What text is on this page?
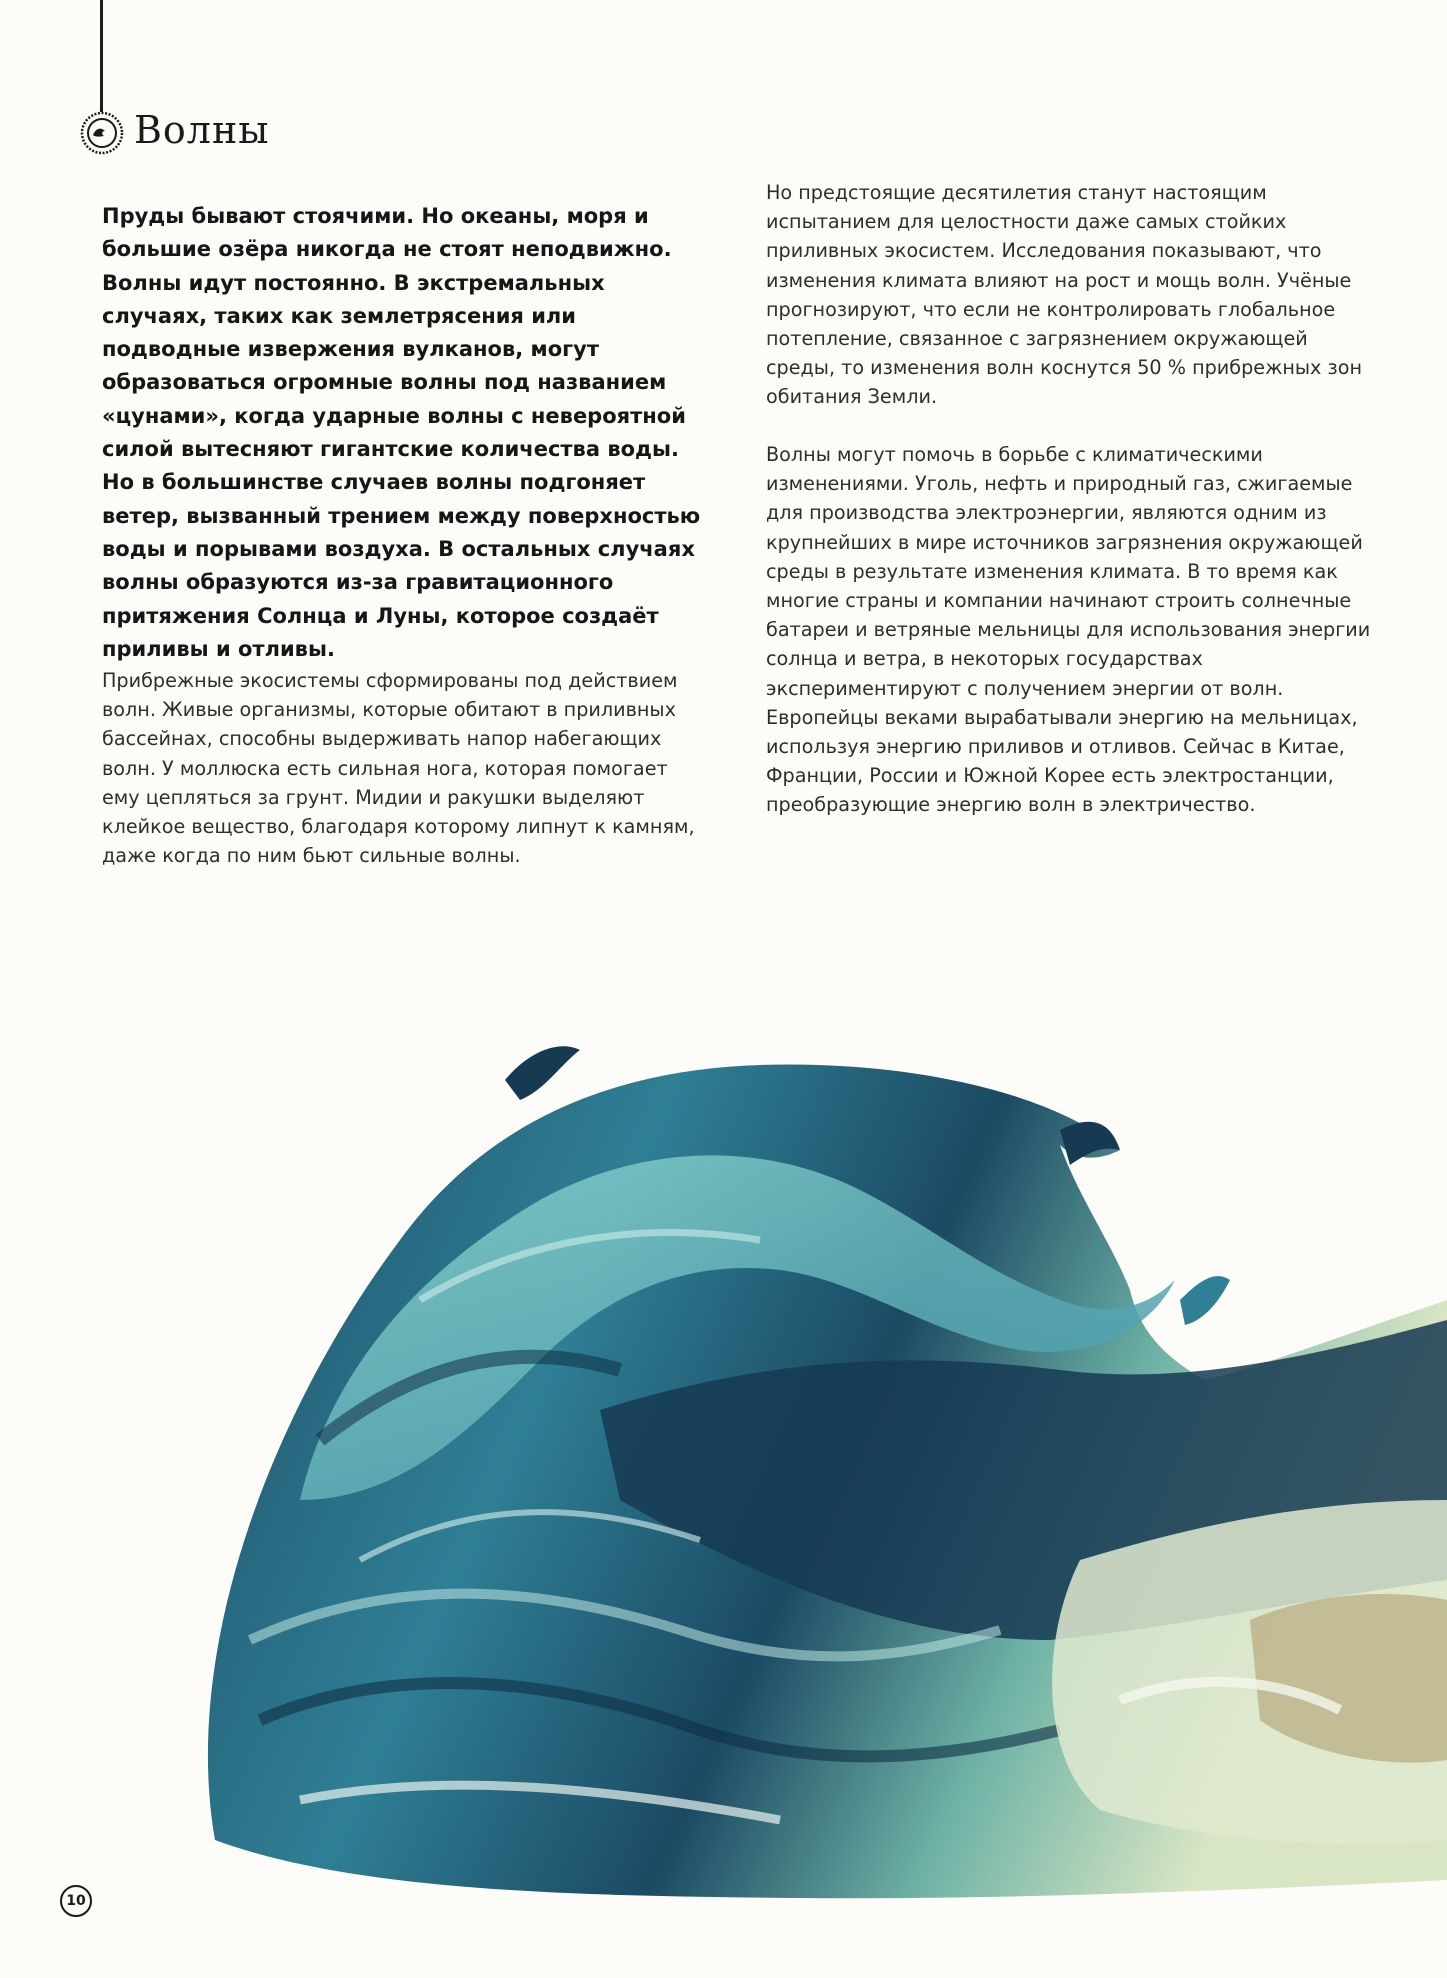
Волны

Пруды бывают стоячими. Но океаны, моря и большие озёра никогда не стоят неподвижно. Волны идут постоянно. В экстремальных случаях, таких как землетрясения или подводные извержения вулканов, могут образоваться огромные волны под названием «цунами», когда ударные волны с невероятной силой вытесняют гигантские количества воды. Но в большинстве случаев волны подгоняет ветер, вызванный трением между поверхностью воды и порывами воздуха. В остальных случаях волны образуются из-за гравитационного притяжения Солнца и Луны, которое создаёт приливы и отливы.

Прибрежные экосистемы сформированы под действием волн. Живые организмы, которые обитают в приливных бассейнах, способны выдерживать напор набегающих волн. У моллюска есть сильная нога, которая помогает ему цепляться за грунт. Мидии и ракушки выделяют клейкое вещество, благодаря которому липнут к камням, даже когда по ним бьют сильные волны.

Но предстоящие десятилетия станут настоящим испытанием для целостности даже самых стойких приливных экосистем. Исследования показывают, что изменения климата влияют на рост и мощь волн. Учёные прогнозируют, что если не контролировать глобальное потепление, связанное с загрязнением окружающей среды, то изменения волн коснутся 50 % прибрежных зон обитания Земли.

Волны могут помочь в борьбе с климатическими изменениями. Уголь, нефть и природный газ, сжигаемые для производства электроэнергии, являются одним из крупнейших в мире источников загрязнения окружающей среды в результате изменения климата. В то время как многие страны и компании начинают строить солнечные батареи и ветряные мельницы для использования энергии солнца и ветра, в некоторых государствах экспериментируют с получением энергии от волн. Европейцы веками вырабатывали энергию на мельницах, используя энергию приливов и отливов. Сейчас в Китае, Франции, России и Южной Корее есть электростанции, преобразующие энергию волн в электричество.

10
